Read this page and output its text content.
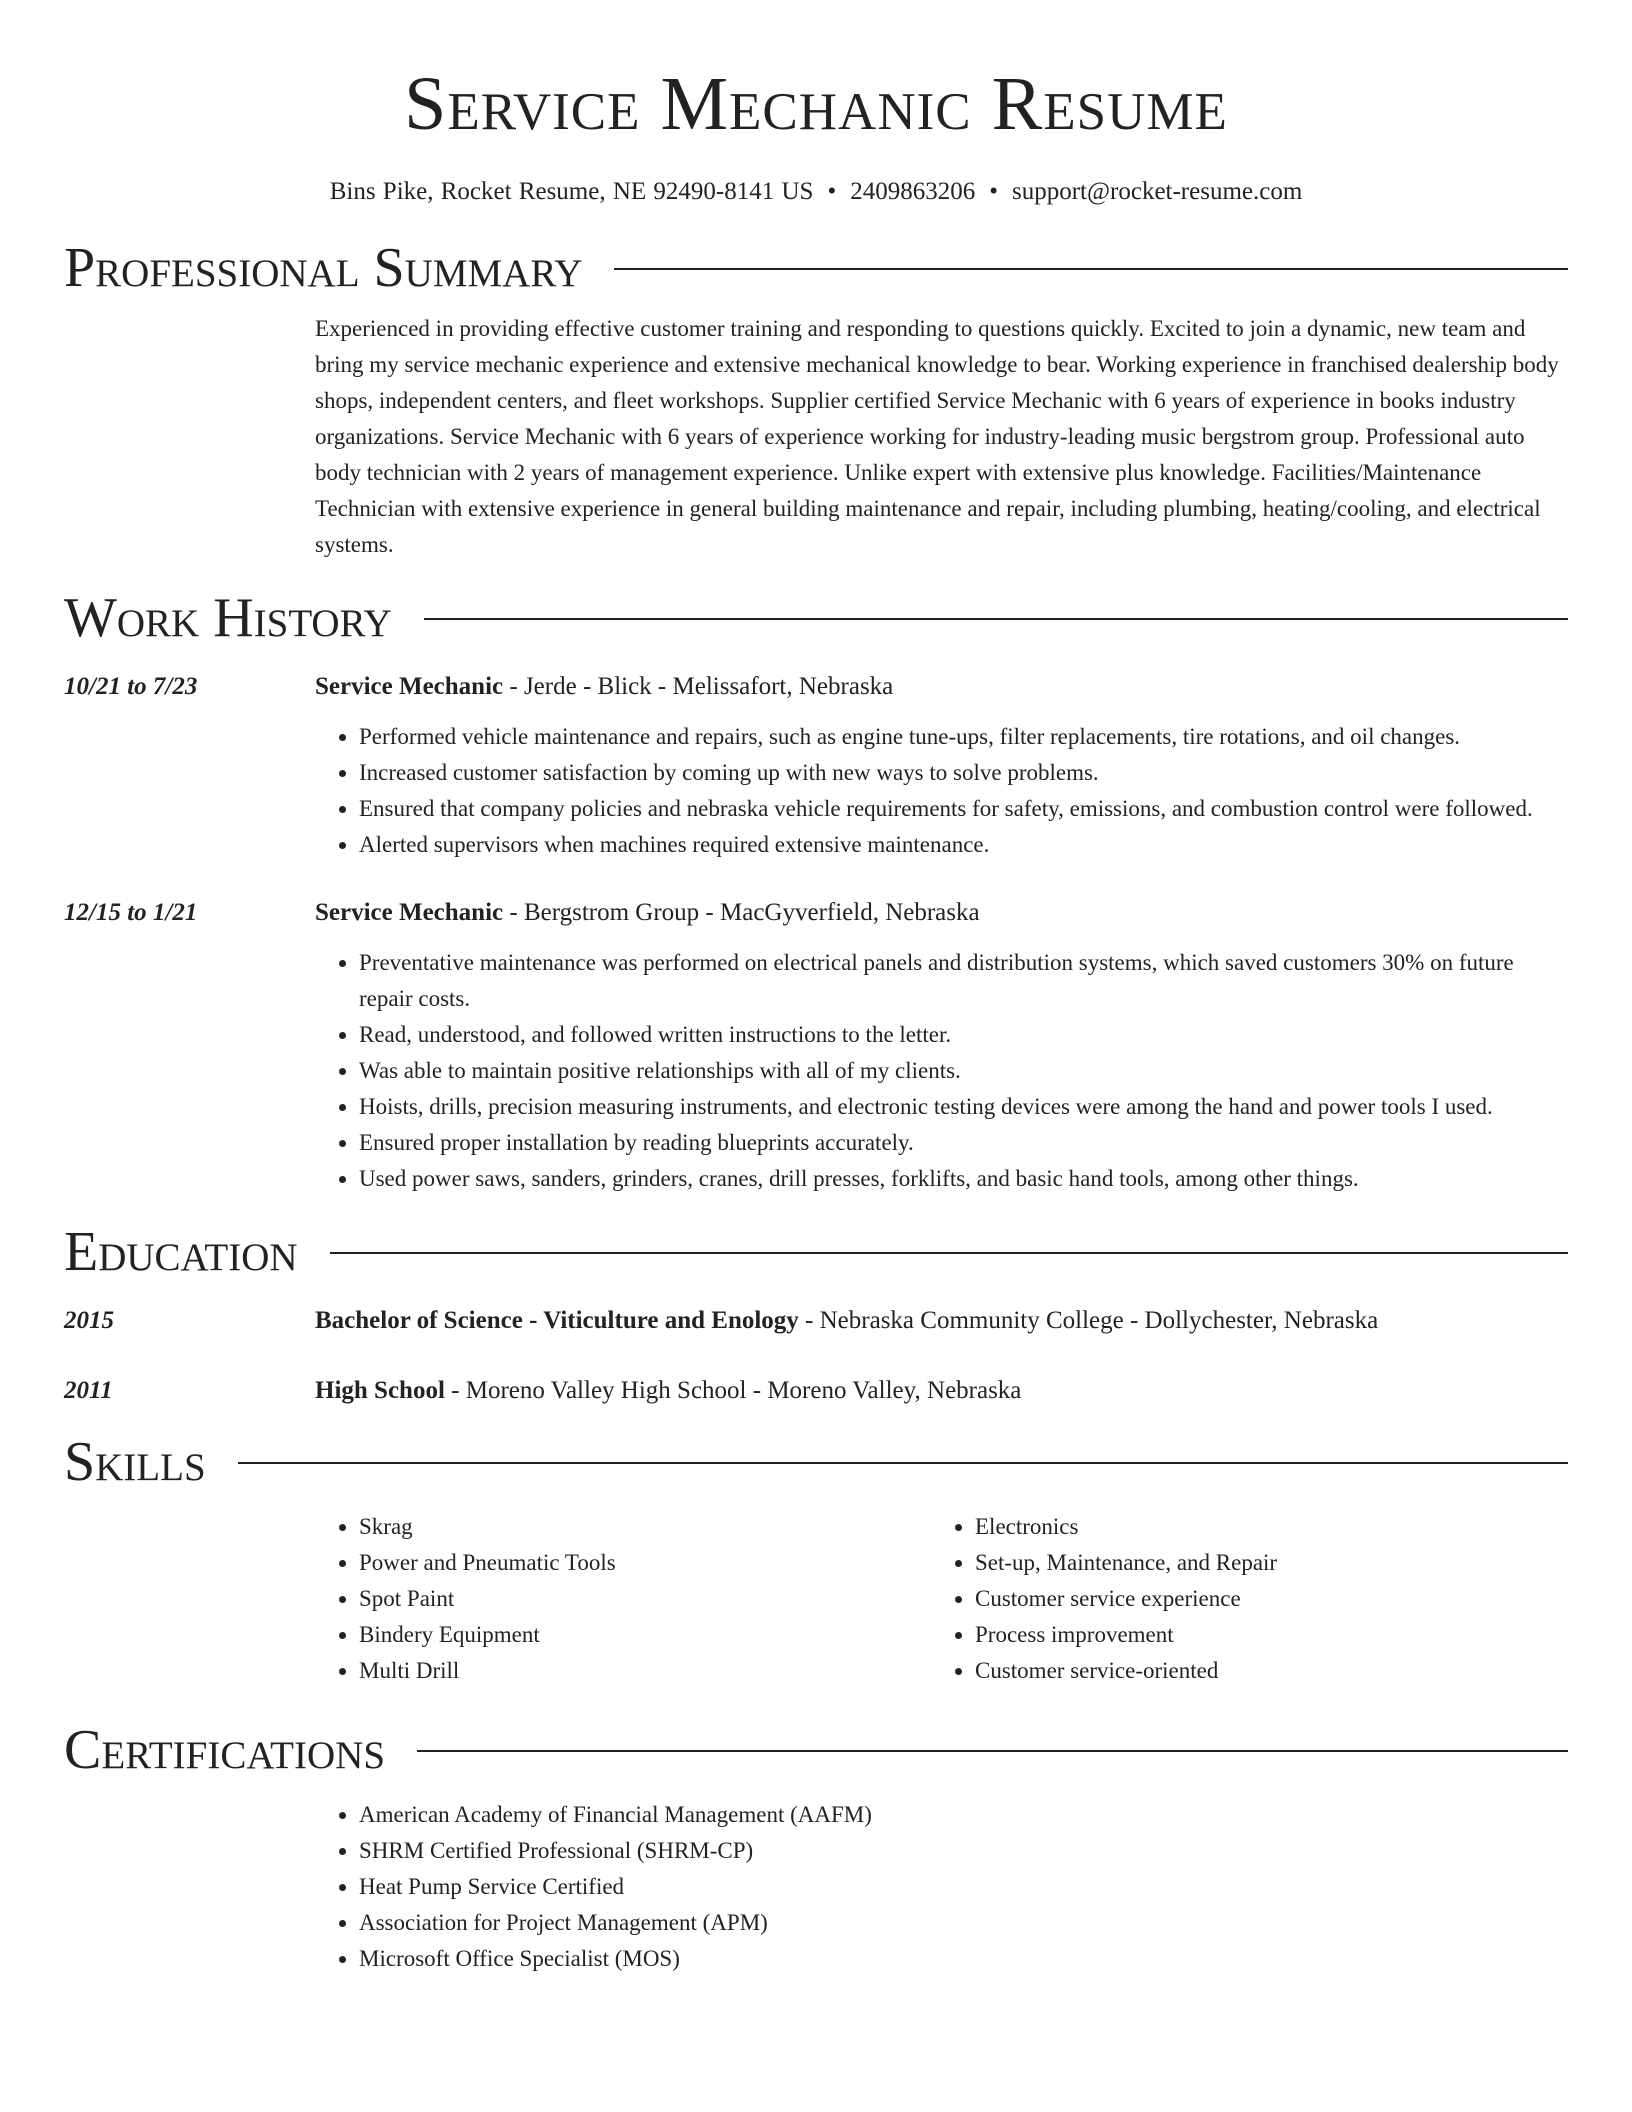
Service Mechanic Resume
Bins Pike, Rocket Resume, NE 92490-8141 US • 2409863206 • support@rocket-resume.com
Professional Summary
Experienced in providing effective customer training and responding to questions quickly. Excited to join a dynamic, new team and bring my service mechanic experience and extensive mechanical knowledge to bear. Working experience in franchised dealership body shops, independent centers, and fleet workshops. Supplier certified Service Mechanic with 6 years of experience in books industry organizations. Service Mechanic with 6 years of experience working for industry-leading music bergstrom group. Professional auto body technician with 2 years of management experience. Unlike expert with extensive plus knowledge. Facilities/Maintenance Technician with extensive experience in general building maintenance and repair, including plumbing, heating/cooling, and electrical systems.
Work History
10/21 to 7/23	Service Mechanic - Jerde - Blick - Melissafort, Nebraska
• Performed vehicle maintenance and repairs, such as engine tune-ups, filter replacements, tire rotations, and oil changes.
• Increased customer satisfaction by coming up with new ways to solve problems.
• Ensured that company policies and nebraska vehicle requirements for safety, emissions, and combustion control were followed.
• Alerted supervisors when machines required extensive maintenance.
12/15 to 1/21	Service Mechanic - Bergstrom Group - MacGyverfield, Nebraska
• Preventative maintenance was performed on electrical panels and distribution systems, which saved customers 30% on future repair costs.
• Read, understood, and followed written instructions to the letter.
• Was able to maintain positive relationships with all of my clients.
• Hoists, drills, precision measuring instruments, and electronic testing devices were among the hand and power tools I used.
• Ensured proper installation by reading blueprints accurately.
• Used power saws, sanders, grinders, cranes, drill presses, forklifts, and basic hand tools, among other things.
Education
2015	Bachelor of Science - Viticulture and Enology - Nebraska Community College - Dollychester, Nebraska
2011	High School - Moreno Valley High School - Moreno Valley, Nebraska
Skills
• Skrag
• Power and Pneumatic Tools
• Spot Paint
• Bindery Equipment
• Multi Drill
• Electronics
• Set-up, Maintenance, and Repair
• Customer service experience
• Process improvement
• Customer service-oriented
Certifications
• American Academy of Financial Management (AAFM)
• SHRM Certified Professional (SHRM-CP)
• Heat Pump Service Certified
• Association for Project Management (APM)
• Microsoft Office Specialist (MOS)
